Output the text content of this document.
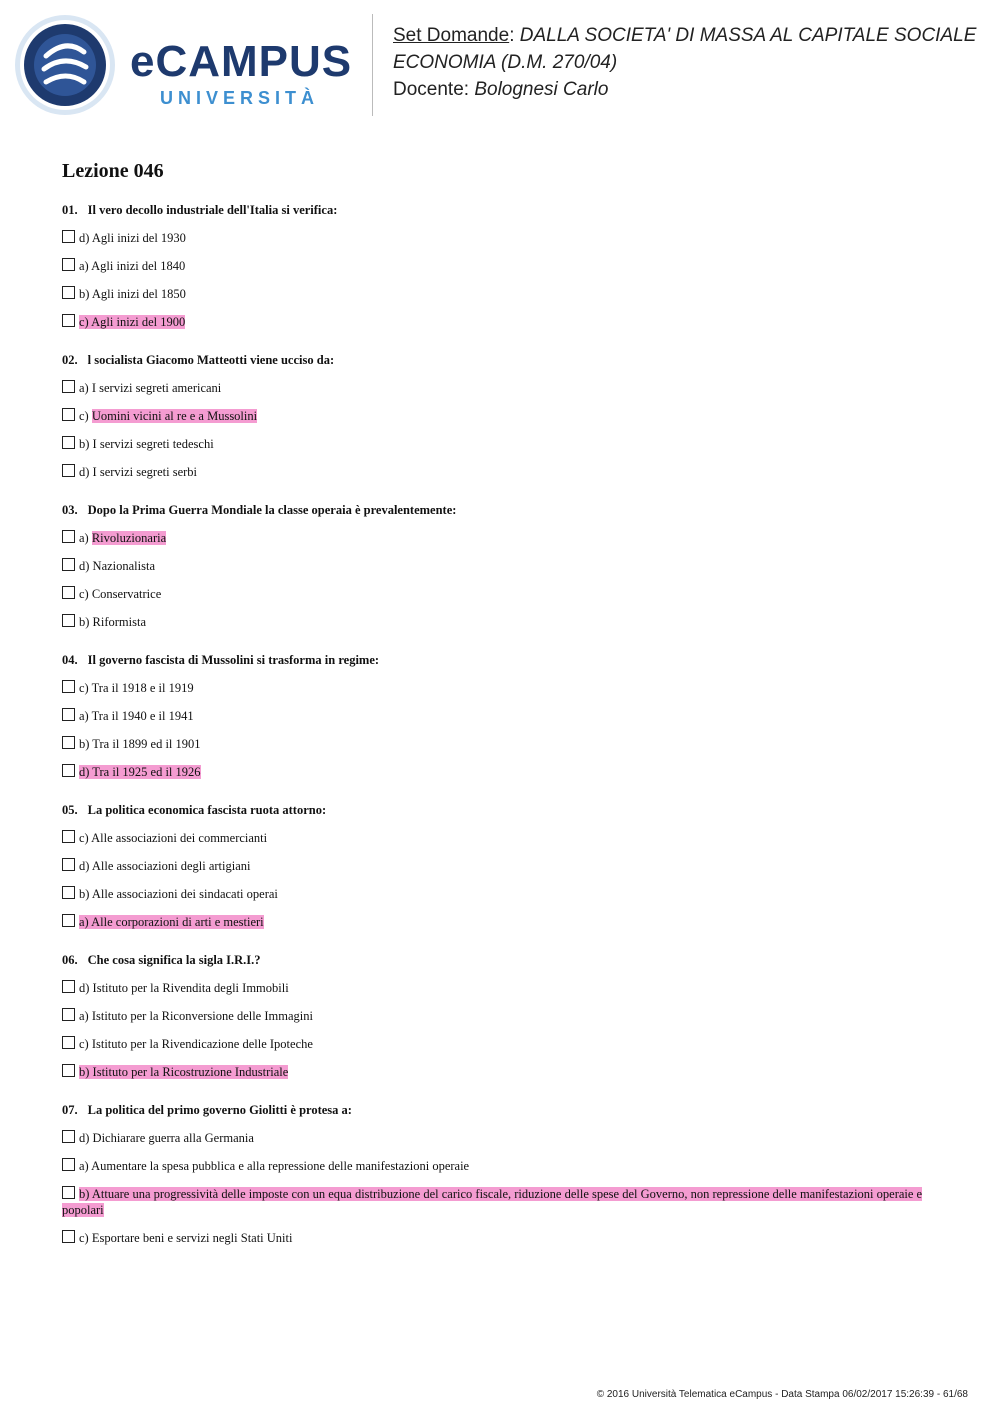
eCAMPUS
UNIVERSITÀ
Set Domande: DALLA SOCIETA' DI MASSA AL CAPITALE SOCIALE
ECONOMIA (D.M. 270/04)
Docente: Bolognesi Carlo
Lezione 046
01. Il vero decollo industriale dell'Italia si verifica:
d) Agli inizi del 1930
a) Agli inizi del 1840
b) Agli inizi del 1850
c) Agli inizi del 1900
02. l socialista Giacomo Matteotti viene ucciso da:
a) I servizi segreti americani
c) Uomini vicini al re e a Mussolini
b) I servizi segreti tedeschi
d) I servizi segreti serbi
03. Dopo la Prima Guerra Mondiale la classe operaia è prevalentemente:
a) Rivoluzionaria
d) Nazionalista
c) Conservatrice
b) Riformista
04. Il governo fascista di Mussolini si trasforma in regime:
c) Tra il 1918 e il 1919
a) Tra il 1940 e il 1941
b) Tra il 1899 ed il 1901
d) Tra il 1925 ed il 1926
05. La politica economica fascista ruota attorno:
c) Alle associazioni dei commercianti
d) Alle associazioni degli artigiani
b) Alle associazioni dei sindacati operai
a) Alle corporazioni di arti e mestieri
06. Che cosa significa la sigla I.R.I.?
d) Istituto per la Rivendita degli Immobili
a) Istituto per la Riconversione delle Immagini
c) Istituto per la Rivendicazione delle Ipoteche
b) Istituto per la Ricostruzione Industriale
07. La politica del primo governo Giolitti è protesa a:
d) Dichiarare guerra alla Germania
a) Aumentare la spesa pubblica e alla repressione delle manifestazioni operaie
b) Attuare una progressività delle imposte con un equa distribuzione del carico fiscale, riduzione delle spese del Governo, non repressione delle manifestazioni operaie e popolari
c) Esportare beni e servizi negli Stati Uniti
© 2016 Università Telematica eCampus - Data Stampa 06/02/2017 15:26:39 - 61/68
